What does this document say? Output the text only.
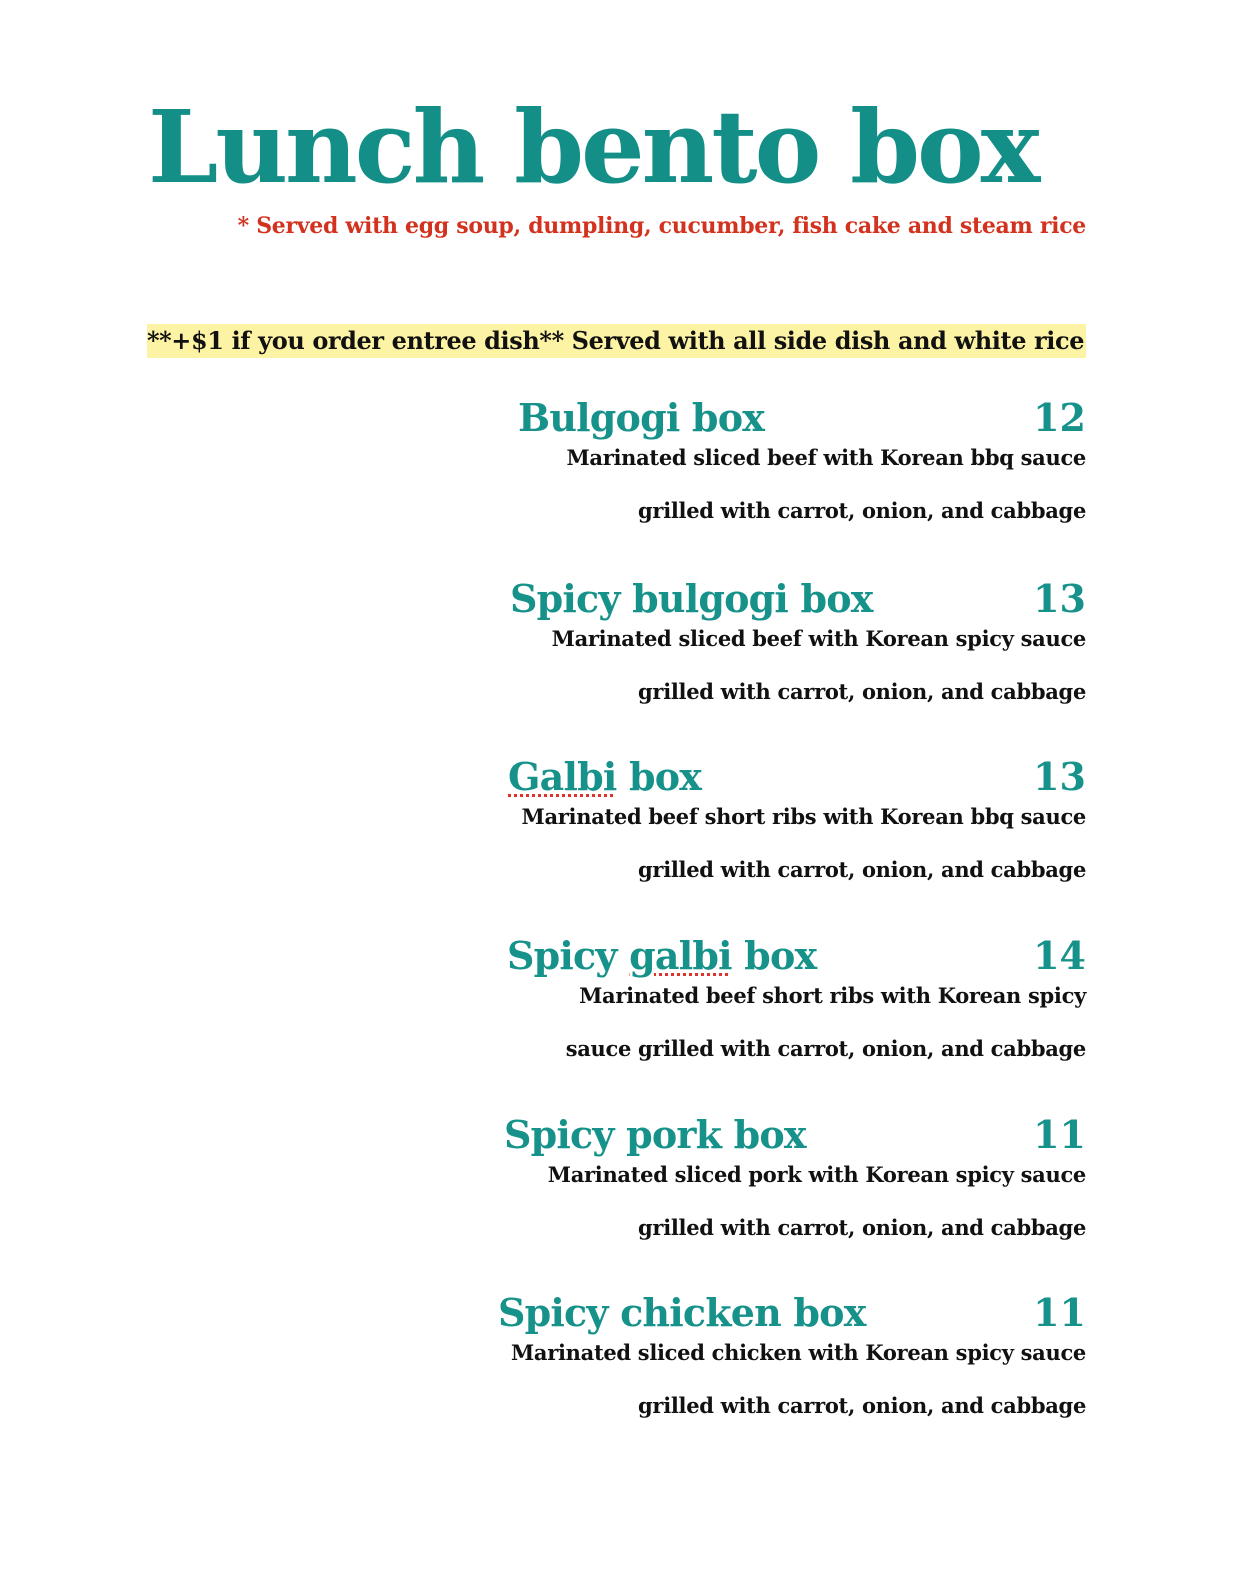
Lunch bento box
* Served with egg soup, dumpling, cucumber, fish cake and steam rice
**+$1 if you order entree dish** Served with all side dish and white rice
Bulgogi box	12
Marinated sliced beef with Korean bbq sauce
grilled with carrot, onion, and cabbage
Spicy bulgogi box	13
Marinated sliced beef with Korean spicy sauce
grilled with carrot, onion, and cabbage
Galbi box	13
Marinated beef short ribs with Korean bbq sauce
grilled with carrot, onion, and cabbage
Spicy galbi box	14
Marinated beef short ribs with Korean spicy
sauce grilled with carrot, onion, and cabbage
Spicy pork box	11
Marinated sliced pork with Korean spicy sauce
grilled with carrot, onion, and cabbage
Spicy chicken box	11
Marinated sliced chicken with Korean spicy sauce
grilled with carrot, onion, and cabbage
